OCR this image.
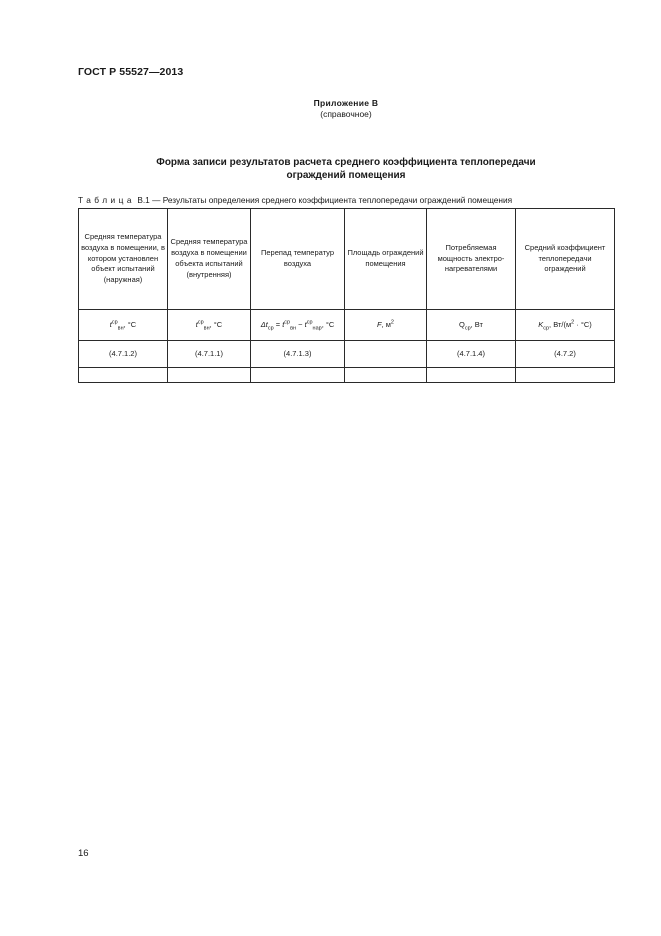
ГОСТ Р 55527—2013
Приложение В
(справочное)
Форма записи результатов расчета среднего коэффициента теплопередачи
ограждений помещения
Таблица В.1 — Результаты определения среднего коэффициента теплопередачи ограждений помещения
Средняя температура воздуха в помещении, в котором установлен объект испытаний (наружная)	Средняя температура воздуха в помещении объекта испытаний (внутренняя)	Перепад температур воздуха	Площадь ограждений помещения	Потребляемая мощность электро-нагревателями	Средний коэффициент теплопередачи ограждений
$t^{ср}_{вн}$, °С	$t^{ср}_{вн}$, °С	$\Delta t_{ср} = t^{ср}_{вн} - t^{ср}_{нар}$, °С	F, $м^2$	$Q_{ср}$, Вт	$K_{ср}$, $Вт/(м^2 \cdot ^\circ С)$
(4.7.1.2)	(4.7.1.1)	(4.7.1.3)		(4.7.1.4)	(4.7.2)

16
